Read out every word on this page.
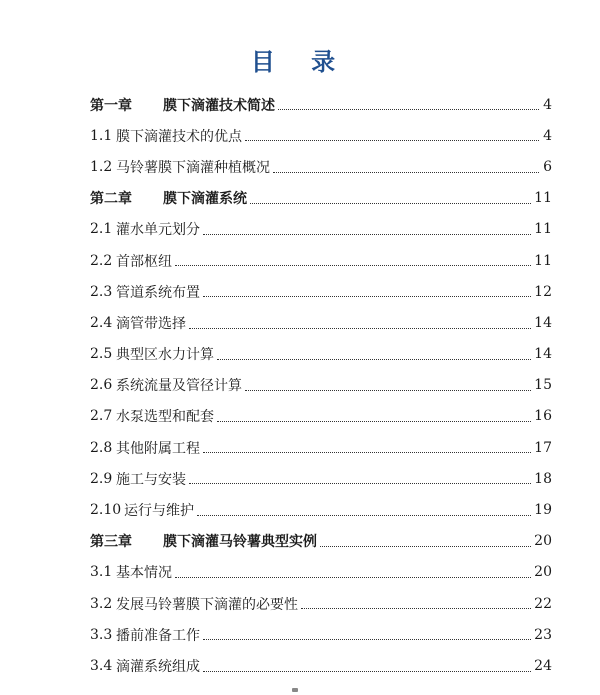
目 录
第一章	膜下滴灌技术简述	4
1.1 膜下滴灌技术的优点	4
1.2 马铃薯膜下滴灌种植概况	6
第二章	膜下滴灌系统	11
2.1 灌水单元划分	11
2.2 首部枢纽	11
2.3 管道系统布置	12
2.4 滴管带选择	14
2.5 典型区水力计算	14
2.6 系统流量及管径计算	15
2.7 水泵选型和配套	16
2.8 其他附属工程	17
2.9 施工与安装	18
2.10 运行与维护	19
第三章	膜下滴灌马铃薯典型实例	20
3.1 基本情况	20
3.2 发展马铃薯膜下滴灌的必要性	22
3.3 播前准备工作	23
3.4 滴灌系统组成	24
